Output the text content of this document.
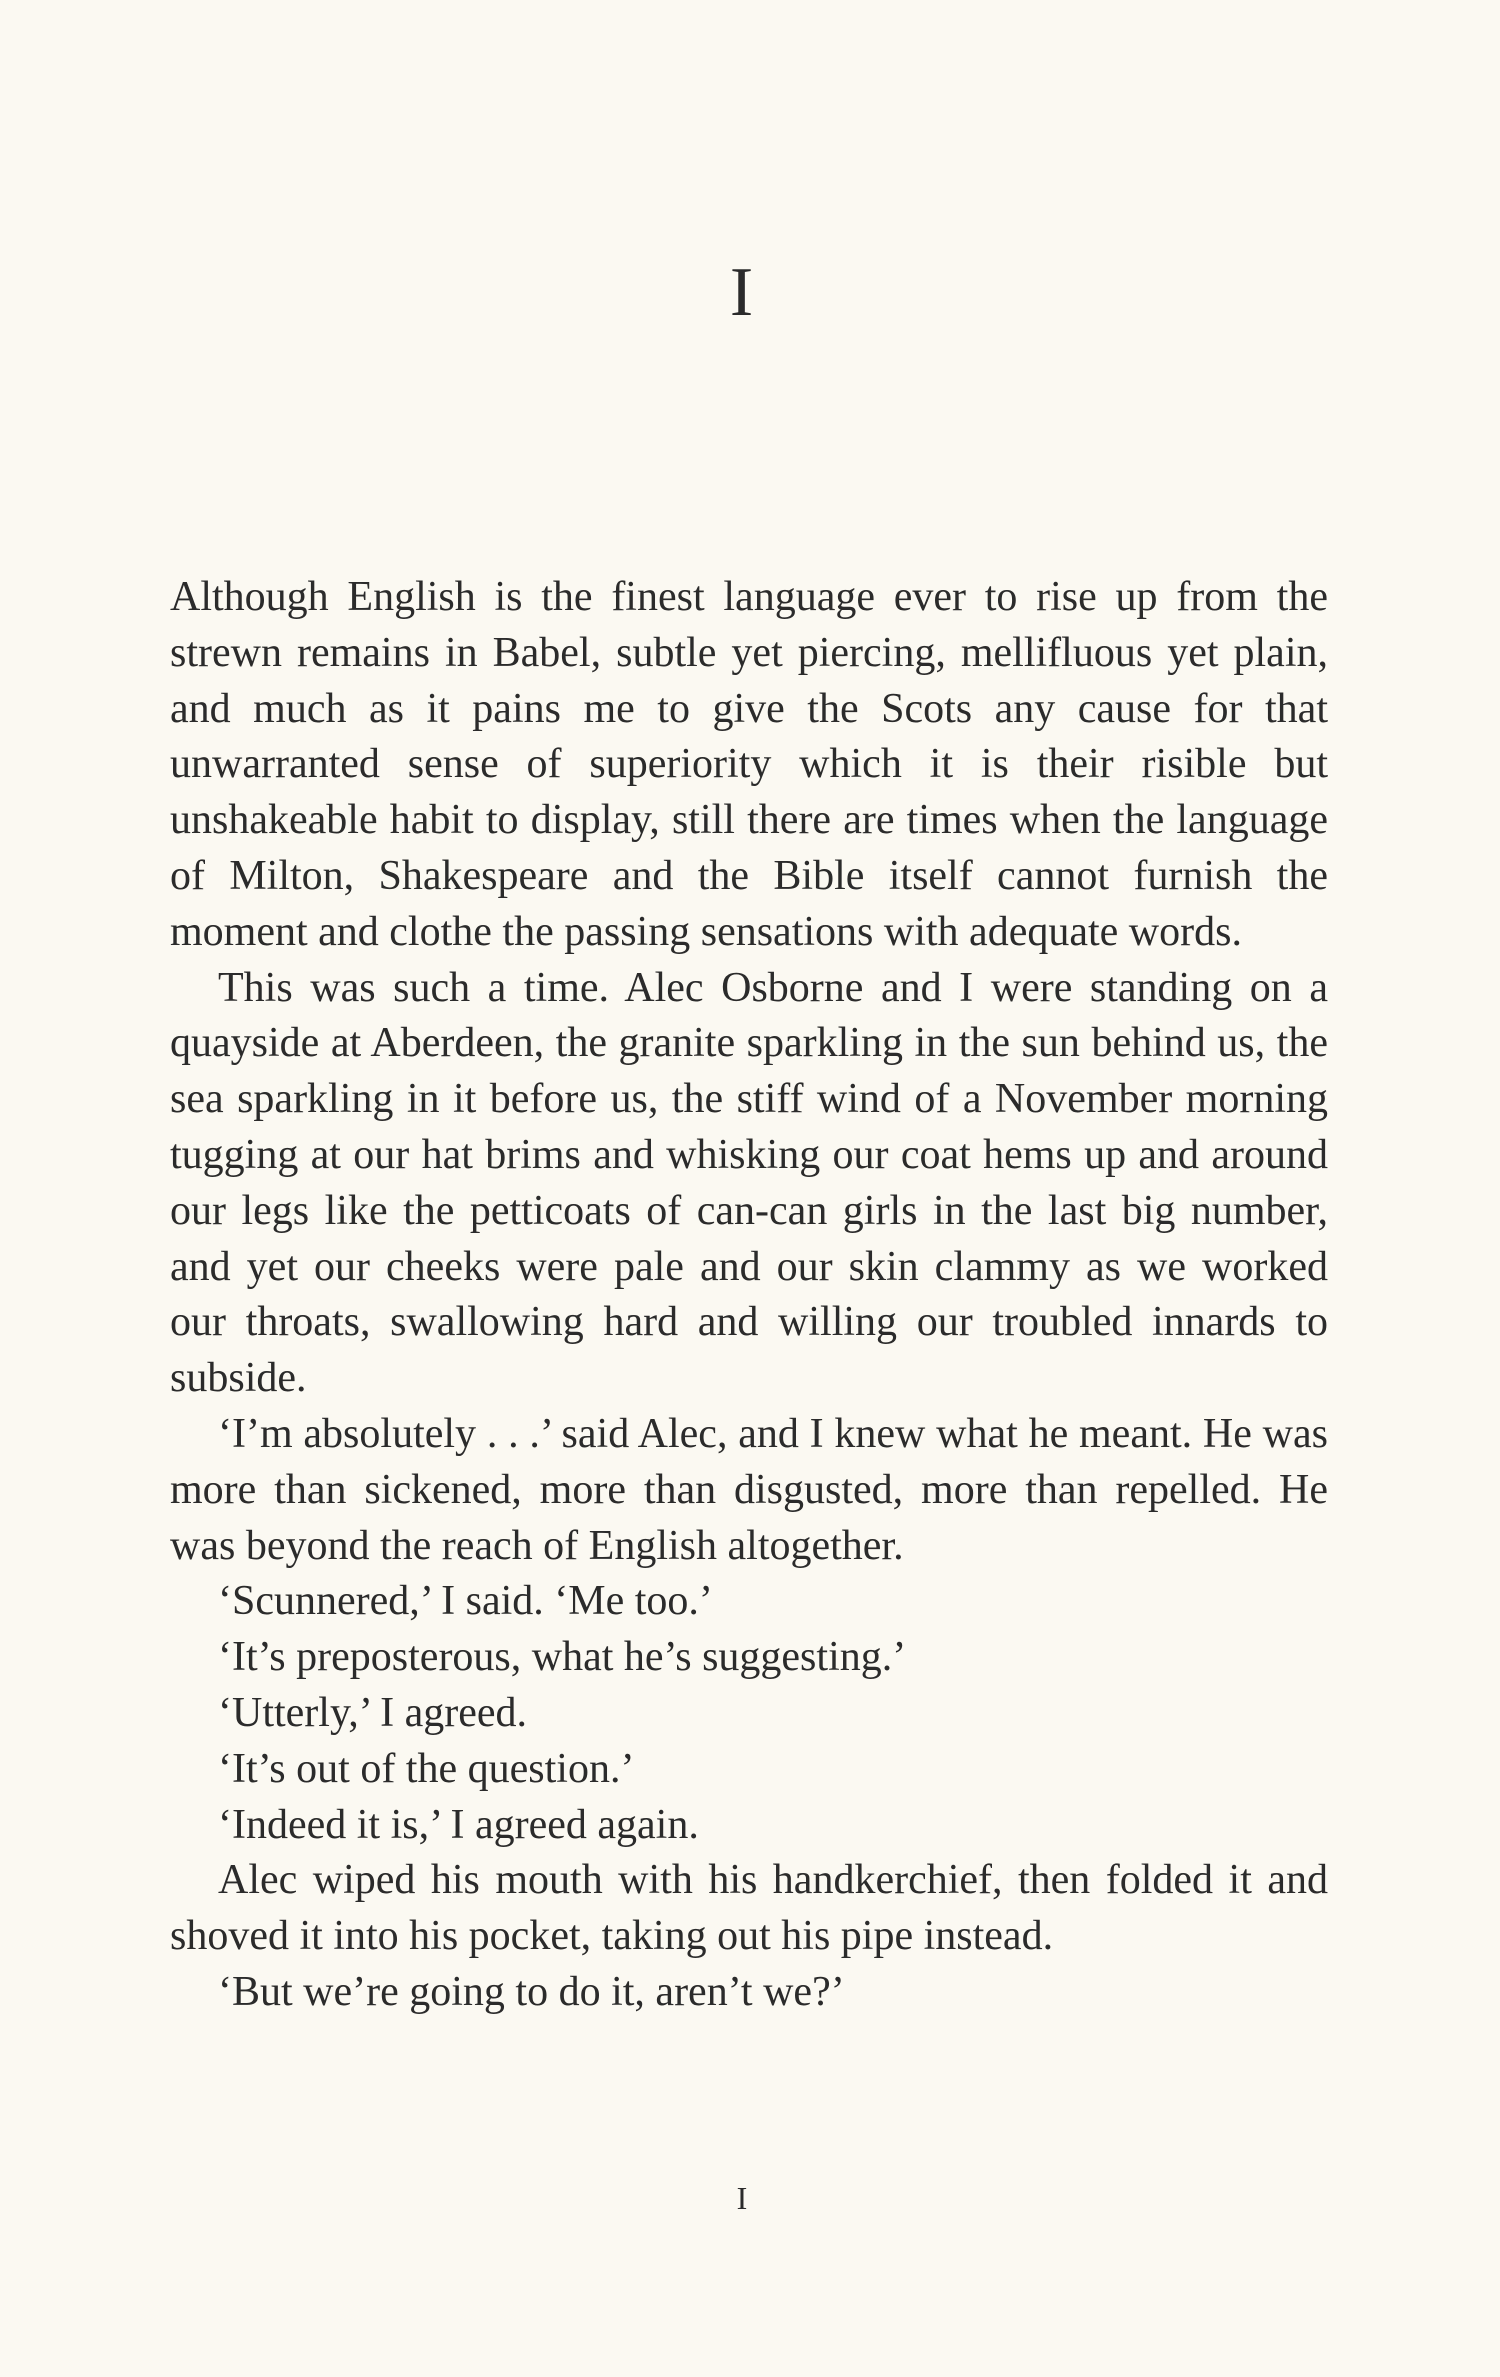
I

Although English is the finest language ever to rise up from the strewn remains in Babel, subtle yet piercing, mellifluous yet plain, and much as it pains me to give the Scots any cause for that unwarranted sense of superiority which it is their risible but unshakeable habit to display, still there are times when the language of Milton, Shakespeare and the Bible itself cannot furnish the moment and clothe the passing sensations with adequate words.

This was such a time. Alec Osborne and I were standing on a quayside at Aberdeen, the granite sparkling in the sun behind us, the sea sparkling in it before us, the stiff wind of a November morning tugging at our hat brims and whisking our coat hems up and around our legs like the petticoats of can-can girls in the last big number, and yet our cheeks were pale and our skin clammy as we worked our throats, swallowing hard and willing our troubled innards to subside.

‘I’m absolutely . . .’ said Alec, and I knew what he meant. He was more than sickened, more than disgusted, more than repelled. He was beyond the reach of English altogether.

‘Scunnered,’ I said. ‘Me too.’

‘It’s preposterous, what he’s suggesting.’

‘Utterly,’ I agreed.

‘It’s out of the question.’

‘Indeed it is,’ I agreed again.

Alec wiped his mouth with his handkerchief, then folded it and shoved it into his pocket, taking out his pipe instead.

‘But we’re going to do it, aren’t we?’

I
